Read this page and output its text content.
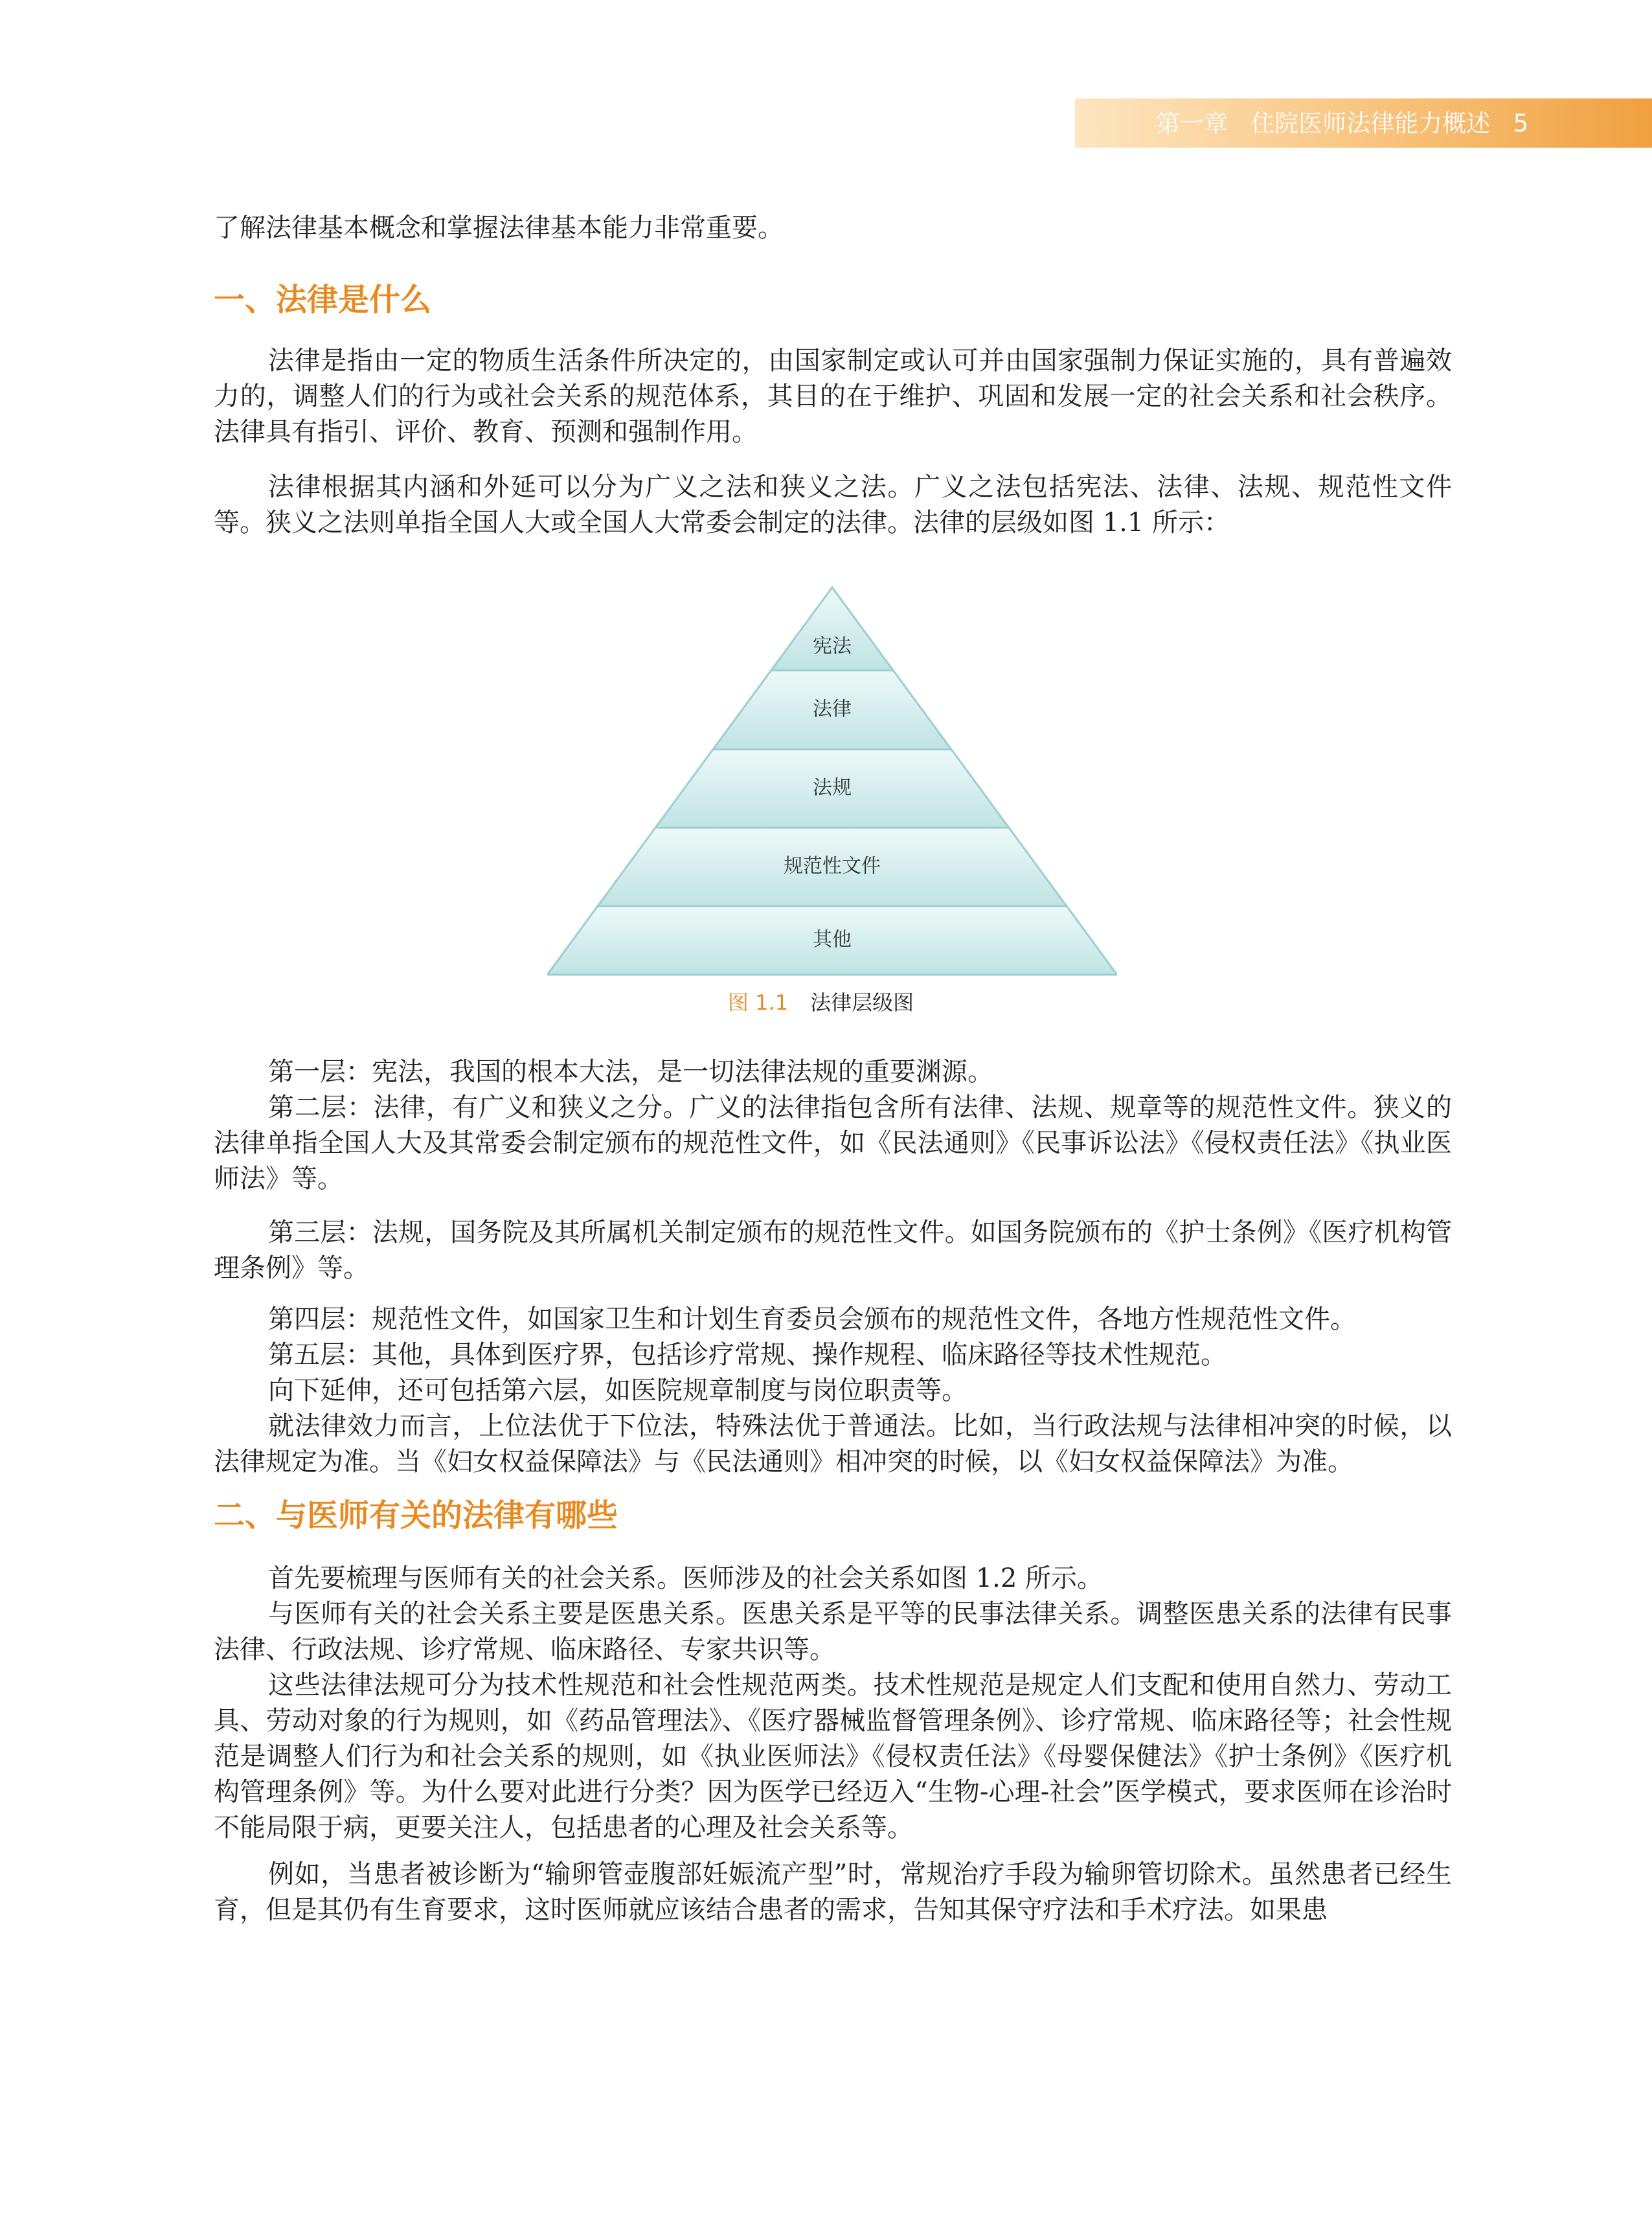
第一章 住院医师法律能力概述 5

了解法律基本概念和掌握法律基本能力非常重要。

一、法律是什么

法律是指由一定的物质生活条件所决定的，由国家制定或认可并由国家强制力保证实施的，具有普遍效力的，调整人们的行为或社会关系的规范体系，其目的在于维护、巩固和发展一定的社会关系和社会秩序。法律具有指引、评价、教育、预测和强制作用。

法律根据其内涵和外延可以分为广义之法和狭义之法。广义之法包括宪法、法律、法规、规范性文件等。狭义之法则单指全国人大或全国人大常委会制定的法律。法律的层级如图 1.1 所示：

宪法
法律
法规
规范性文件
其他
图 1.1 法律层级图

第一层：宪法，我国的根本大法，是一切法律法规的重要渊源。

第二层：法律，有广义和狭义之分。广义的法律指包含所有法律、法规、规章等的规范性文件。狭义的法律单指全国人大及其常委会制定颁布的规范性文件，如《民法通则》《民事诉讼法》《侵权责任法》《执业医师法》等。

第三层：法规，国务院及其所属机关制定颁布的规范性文件。如国务院颁布的《护士条例》《医疗机构管理条例》等。

第四层：规范性文件，如国家卫生和计划生育委员会颁布的规范性文件，各地方性规范性文件。

第五层：其他，具体到医疗界，包括诊疗常规、操作规程、临床路径等技术性规范。

向下延伸，还可包括第六层，如医院规章制度与岗位职责等。

就法律效力而言，上位法优于下位法，特殊法优于普通法。比如，当行政法规与法律相冲突的时候，以法律规定为准。当《妇女权益保障法》与《民法通则》相冲突的时候，以《妇女权益保障法》为准。

二、与医师有关的法律有哪些

首先要梳理与医师有关的社会关系。医师涉及的社会关系如图 1.2 所示。

与医师有关的社会关系主要是医患关系。医患关系是平等的民事法律关系。调整医患关系的法律有民事法律、行政法规、诊疗常规、临床路径、专家共识等。

这些法律法规可分为技术性规范和社会性规范两类。技术性规范是规定人们支配和使用自然力、劳动工具、劳动对象的行为规则，如《药品管理法》、《医疗器械监督管理条例》、诊疗常规、临床路径等；社会性规范是调整人们行为和社会关系的规则，如《执业医师法》《侵权责任法》《母婴保健法》《护士条例》《医疗机构管理条例》等。为什么要对此进行分类？因为医学已经迈入“生物-心理-社会”医学模式，要求医师在诊治时不能局限于病，更要关注人，包括患者的心理及社会关系等。

例如，当患者被诊断为“输卵管壶腹部妊娠流产型”时，常规治疗手段为输卵管切除术。虽然患者已经生育，但是其仍有生育要求，这时医师就应该结合患者的需求，告知其保守疗法和手术疗法。如果患
